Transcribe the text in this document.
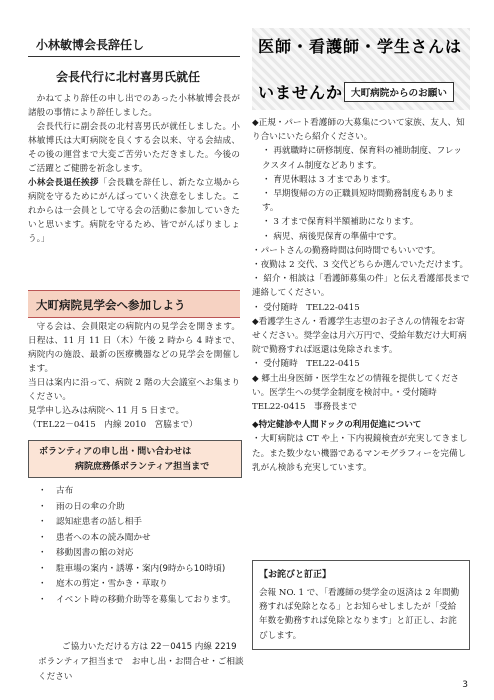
小林敏博会長辞任し
会長代行に北村喜男氏就任

かねてより辞任の申し出でのあった小林敏博会長が諸般の事情により辞任しました。

会長代行に副会長の北村喜男氏が就任しました。小林敏博氏は大町病院を良くする会以来、守る会結成、その後の運営まで大変ご苦労いただきました。今後のご活躍とご健勝を祈念します。

小林会長退任挨拶「会長職を辞任し、新たな立場から病院を守るためにがんばっていく決意をしました。これからは一会員として守る会の活動に参加していきたいと思います。病院を守るため、皆でがんばりましょう。」

大町病院見学会へ参加しよう

守る会は、会員限定の病院内の見学会を開きます。日程は、11 月 11 日（木）午後 2 時から 4 時まで、病院内の施設、最新の医療機器などの見学会を開催します。

当日は案内に沿って、病院 2 階の大会議室へお集まりください。

見学申し込みは病院へ 11 月 5 日まで。

（TEL22－0415　内線 2010　宮脇まで）

ボランティアの申し出・問い合わせは
病院庶務係ボランティア担当まで
・ 古布
・ 雨の日の傘の介助
・ 認知症患者の話し相手
・ 患者への本の読み聞かせ
・ 移動図書の館の対応
・ 駐車場の案内・誘導・案内(9時から10時頃)
・ 庭木の剪定・雪かき・草取り
・ イベント時の移動介助等を募集しております。
ご協力いただける方は 22－0415 内線 2219
ボランティア担当まで　お申し出・お問合せ・ご相談ください
医師・看護師・学生さんは
いませんか 大町病院からのお願い

◆正規・パート看護師の大募集について家族、友人、知り合いにいたら紹介ください。

・ 再就職時に研修制度、保育料の補助制度、フレックスタイム制度などあります。

・ 育児休暇は 3 才まであります。

・ 早期復帰の方の正職員短時間勤務制度もあります。

・ 3 才まで保育料半額補助になります。

・ 病児、病後児保育の準備中です。

・パートさんの勤務時間は何時間でもいいです。

・夜勤は 2 交代、3 交代どちらか選んでいただけます。

・ 紹介・相談は「看護師募集の件」と伝え看護部長まで連絡してください。

・ 受付随時　TEL22-0415

◆看護学生さん・看護学生志望のお子さんの情報をお寄せください。奨学金は月六万円で、受給年数だけ大町病院で勤務すれば返還は免除されます。

・ 受付随時　TEL22-0415

◆ 郷土出身医師・医学生などの情報を提供してください。医学生への奨学金制度を検討中。・受付随時　TEL22-0415　事務長まで

◆特定健診や人間ドックの利用促進について

・大町病院は CT や上・下内視鏡検査が充実してきました。また数少ない機器であるマンモグラフィーを完備し乳がん検診も充実しています。

【お詫びと訂正】

会報 NO. 1 で、「看護師の奨学金の返済は 2 年間勤務すれば免除となる」とお知らせしましたが「受給年数を勤務すれば免除となります」と訂正し、お詫びします。

3
